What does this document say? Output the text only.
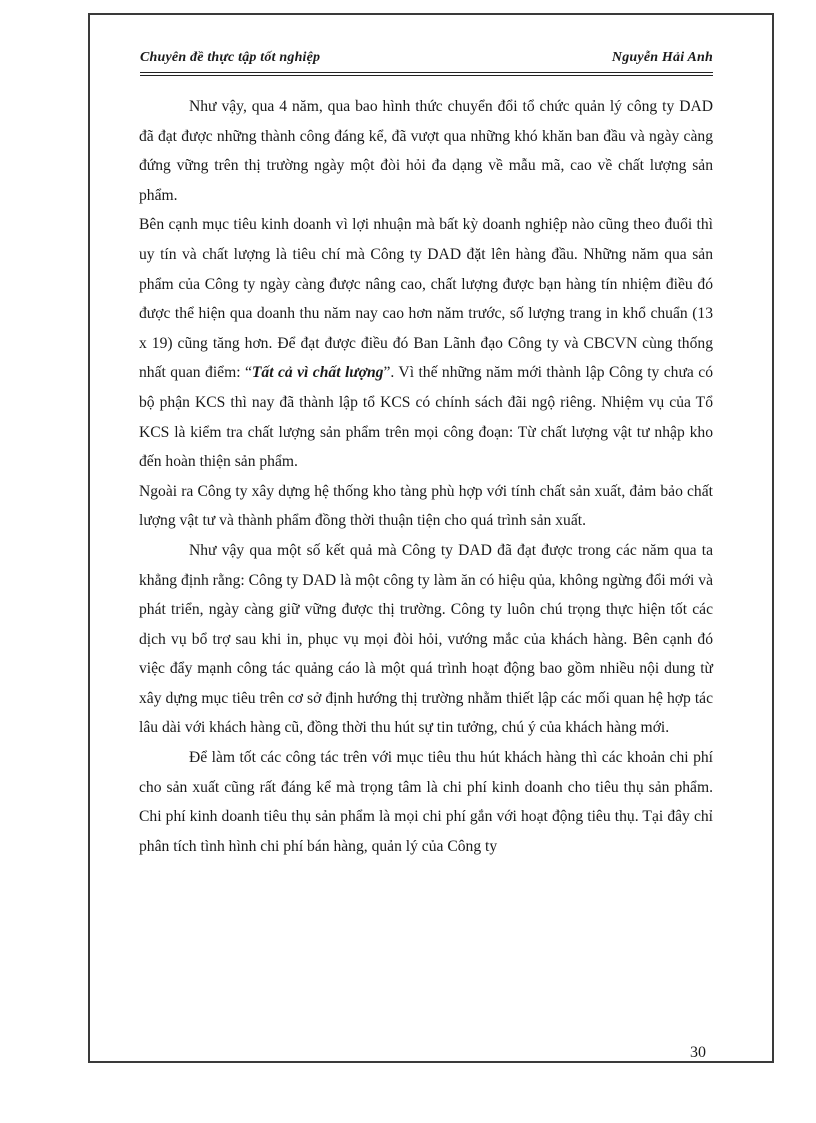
Chuyên đề thực tập tốt nghiệp	Nguyễn Hải Anh

Như vậy, qua 4 năm, qua bao hình thức chuyển đổi tổ chức quản lý công ty DAD đã đạt được những thành công đáng kể, đã vượt qua những khó khăn ban đầu và ngày càng đứng vững trên thị trường ngày một đòi hỏi đa dạng về mẫu mã, cao về chất lượng sản phẩm.

Bên cạnh mục tiêu kinh doanh vì lợi nhuận mà bất kỳ doanh nghiệp nào cũng theo đuổi thì uy tín và chất lượng là tiêu chí mà Công ty DAD đặt lên hàng đầu. Những năm qua sản phẩm của Công ty ngày càng được nâng cao, chất lượng được bạn hàng tín nhiệm điều đó được thể hiện qua doanh thu năm nay cao hơn năm trước, số lượng trang in khổ chuẩn (13 x 19) cũng tăng hơn. Để đạt được điều đó Ban Lãnh đạo Công ty và CBCVN cùng thống nhất quan điểm: “Tất cả vì chất lượng”. Vì thế những năm mới thành lập Công ty chưa có bộ phận KCS thì nay đã thành lập tổ KCS có chính sách đãi ngộ riêng. Nhiệm vụ của Tổ KCS là kiểm tra chất lượng sản phẩm trên mọi công đoạn: Từ chất lượng vật tư nhập kho đến hoàn thiện sản phẩm.

Ngoài ra Công ty xây dựng hệ thống kho tàng phù hợp với tính chất sản xuất, đảm bảo chất lượng vật tư và thành phẩm đồng thời thuận tiện cho quá trình sản xuất.

Như vậy qua một số kết quả mà Công ty DAD đã đạt được trong các năm qua ta khẳng định rằng: Công ty DAD là một công ty làm ăn có hiệu qủa, không ngừng đổi mới và phát triển, ngày càng giữ vững được thị trường. Công ty luôn chú trọng thực hiện tốt các dịch vụ bổ trợ sau khi in, phục vụ mọi đòi hỏi, vướng mắc của khách hàng. Bên cạnh đó việc đẩy mạnh công tác quảng cáo là một quá trình hoạt động bao gồm nhiều nội dung từ xây dựng mục tiêu trên cơ sở định hướng thị trường nhằm thiết lập các mối quan hệ hợp tác lâu dài với khách hàng cũ, đồng thời thu hút sự tin tưởng, chú ý của khách hàng mới.

Để làm tốt các công tác trên với mục tiêu thu hút khách hàng thì các khoản chi phí cho sản xuất cũng rất đáng kể mà trọng tâm là chi phí kinh doanh cho tiêu thụ sản phẩm. Chi phí kinh doanh tiêu thụ sản phẩm là mọi chi phí gắn với hoạt động tiêu thụ. Tại đây chỉ phân tích tình hình chi phí bán hàng, quản lý của Công ty

30
